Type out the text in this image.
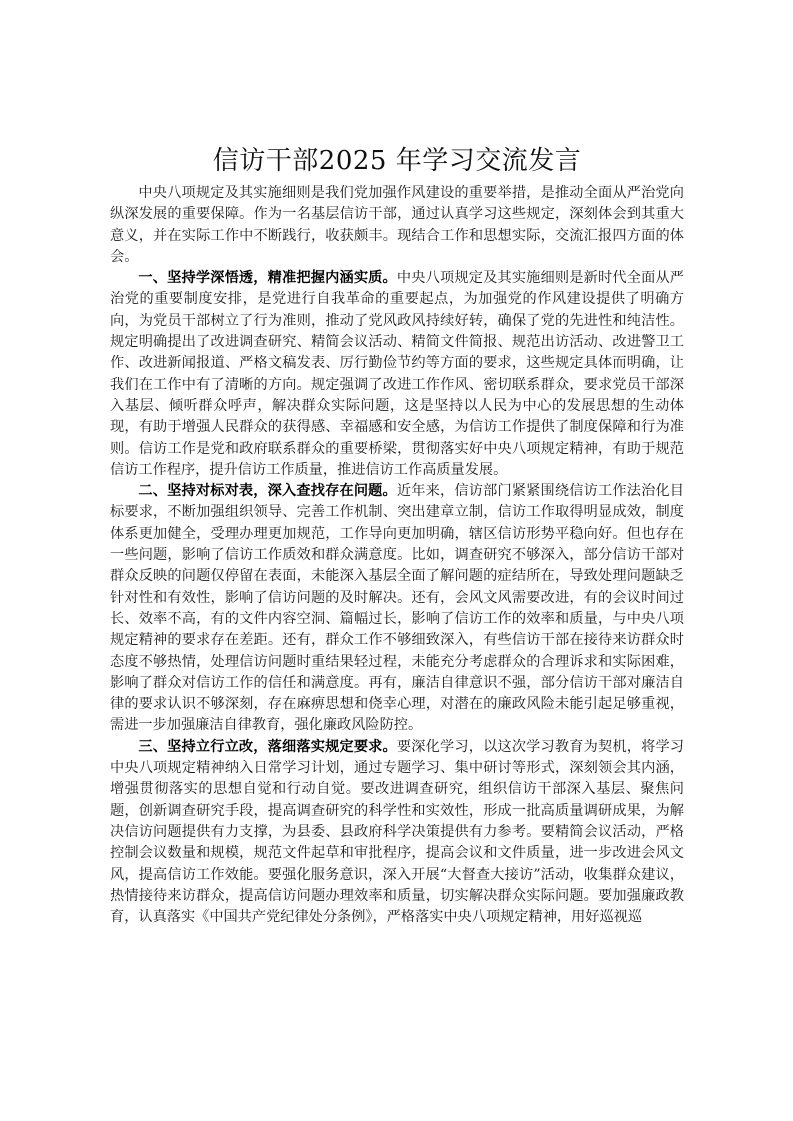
信访干部2025 年学习交流发言

中央八项规定及其实施细则是我们党加强作风建设的重要举措，是推动全面从严治党向纵深发展的重要保障。作为一名基层信访干部，通过认真学习这些规定，深刻体会到其重大意义，并在实际工作中不断践行，收获颇丰。现结合工作和思想实际，交流汇报四方面的体会。

一、坚持学深悟透，精准把握内涵实质。中央八项规定及其实施细则是新时代全面从严治党的重要制度安排，是党进行自我革命的重要起点，为加强党的作风建设提供了明确方向，为党员干部树立了行为准则，推动了党风政风持续好转，确保了党的先进性和纯洁性。规定明确提出了改进调查研究、精简会议活动、精简文件简报、规范出访活动、改进警卫工作、改进新闻报道、严格文稿发表、厉行勤俭节约等方面的要求，这些规定具体而明确，让我们在工作中有了清晰的方向。规定强调了改进工作作风、密切联系群众，要求党员干部深入基层、倾听群众呼声，解决群众实际问题，这是坚持以人民为中心的发展思想的生动体现，有助于增强人民群众的获得感、幸福感和安全感，为信访工作提供了制度保障和行为准则。信访工作是党和政府联系群众的重要桥梁，贯彻落实好中央八项规定精神，有助于规范信访工作程序，提升信访工作质量，推进信访工作高质量发展。

二、坚持对标对表，深入查找存在问题。近年来，信访部门紧紧围绕信访工作法治化目标要求，不断加强组织领导、完善工作机制、突出建章立制，信访工作取得明显成效，制度体系更加健全，受理办理更加规范，工作导向更加明确，辖区信访形势平稳向好。但也存在一些问题，影响了信访工作质效和群众满意度。比如，调查研究不够深入，部分信访干部对群众反映的问题仅停留在表面，未能深入基层全面了解问题的症结所在，导致处理问题缺乏针对性和有效性，影响了信访问题的及时解决。还有，会风文风需要改进，有的会议时间过长、效率不高，有的文件内容空洞、篇幅过长，影响了信访工作的效率和质量，与中央八项规定精神的要求存在差距。还有，群众工作不够细致深入，有些信访干部在接待来访群众时态度不够热情，处理信访问题时重结果轻过程，未能充分考虑群众的合理诉求和实际困难，影响了群众对信访工作的信任和满意度。再有，廉洁自律意识不强，部分信访干部对廉洁自律的要求认识不够深刻，存在麻痹思想和侥幸心理，对潜在的廉政风险未能引起足够重视，需进一步加强廉洁自律教育，强化廉政风险防控。

三、坚持立行立改，落细落实规定要求。要深化学习，以这次学习教育为契机，将学习中央八项规定精神纳入日常学习计划，通过专题学习、集中研讨等形式，深刻领会其内涵，增强贯彻落实的思想自觉和行动自觉。要改进调查研究，组织信访干部深入基层、聚焦问题，创新调查研究手段，提高调查研究的科学性和实效性，形成一批高质量调研成果，为解决信访问题提供有力支撑，为县委、县政府科学决策提供有力参考。要精简会议活动，严格控制会议数量和规模，规范文件起草和审批程序，提高会议和文件质量，进一步改进会风文风，提高信访工作效能。要强化服务意识，深入开展“大督查大接访”活动，收集群众建议，热情接待来访群众，提高信访问题办理效率和质量，切实解决群众实际问题。要加强廉政教育，认真落实《中国共产党纪律处分条例》，严格落实中央八项规定精神，用好巡视巡
